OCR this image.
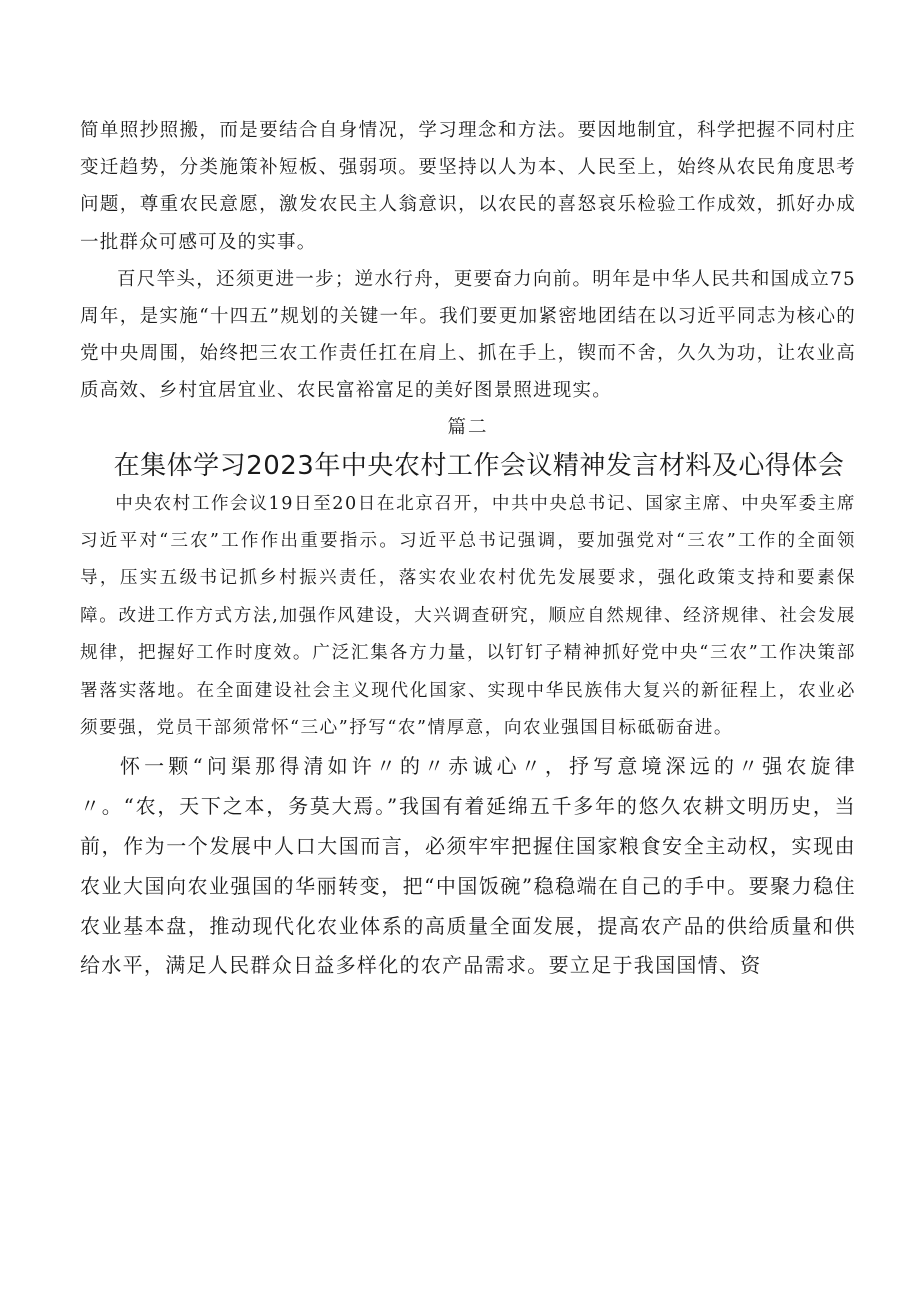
简单照抄照搬，而是要结合自身情况，学习理念和方法。要因地制宜，科学把握不同村庄变迁趋势，分类施策补短板、强弱项。要坚持以人为本、人民至上，始终从农民角度思考问题，尊重农民意愿，激发农民主人翁意识，以农民的喜怒哀乐检验工作成效，抓好办成一批群众可感可及的实事。

百尺竿头，还须更进一步；逆水行舟，更要奋力向前。明年是中华人民共和国成立75周年，是实施“十四五”规划的关键一年。我们要更加紧密地团结在以习近平同志为核心的党中央周围，始终把三农工作责任扛在肩上、抓在手上，锲而不舍，久久为功，让农业高质高效、乡村宜居宜业、农民富裕富足的美好图景照进现实。

篇二

在集体学习2023年中央农村工作会议精神发言材料及心得体会

中央农村工作会议19日至20日在北京召开，中共中央总书记、国家主席、中央军委主席习近平对“三农”工作作出重要指示。习近平总书记强调，要加强党对“三农”工作的全面领导，压实五级书记抓乡村振兴责任，落实农业农村优先发展要求，强化政策支持和要素保障。改进工作方式方法,加强作风建设，大兴调查研究，顺应自然规律、经济规律、社会发展规律，把握好工作时度效。广泛汇集各方力量，以钉钉子精神抓好党中央“三农”工作决策部署落实落地。在全面建设社会主义现代化国家、实现中华民族伟大复兴的新征程上，农业必须要强，党员干部须常怀“三心”抒写“农”情厚意，向农业强国目标砥砺奋进。

怀一颗“问渠那得清如许〃的〃赤诚心〃，抒写意境深远的〃强农旋律〃。“农，天下之本，务莫大焉。”我国有着延绵五千多年的悠久农耕文明历史，当前，作为一个发展中人口大国而言，必须牢牢把握住国家粮食安全主动权，实现由农业大国向农业强国的华丽转变，把“中国饭碗”稳稳端在自己的手中。要聚力稳住农业基本盘，推动现代化农业体系的高质量全面发展，提高农产品的供给质量和供给水平，满足人民群众日益多样化的农产品需求。要立足于我国国情、资
